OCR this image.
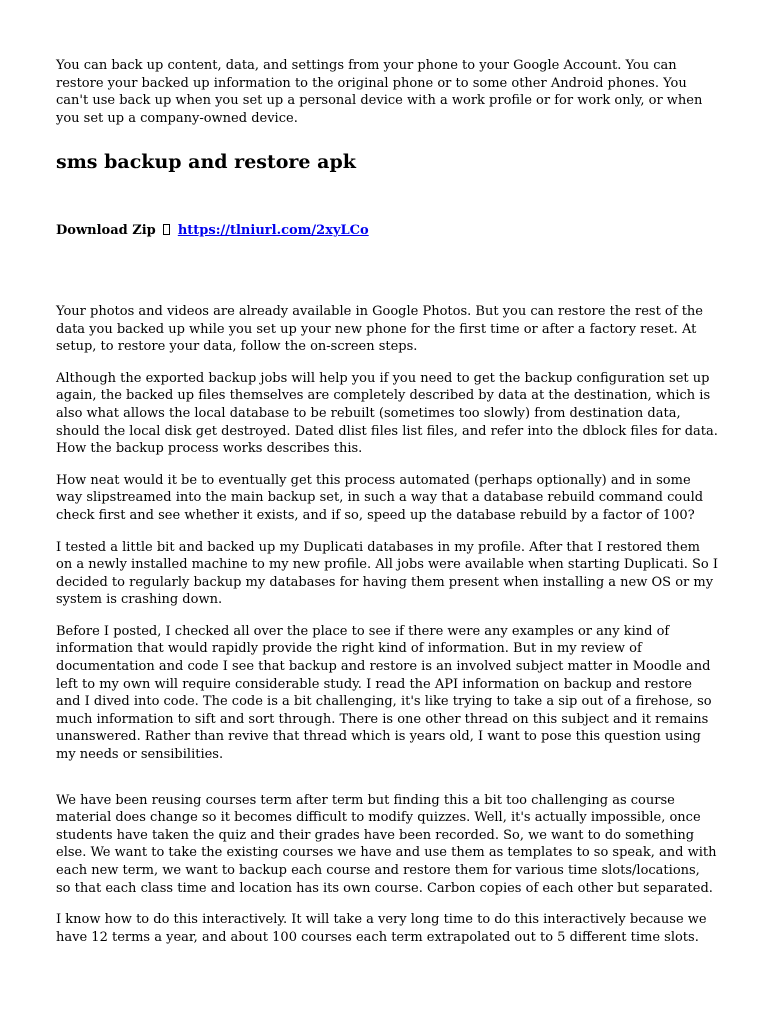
You can back up content, data, and settings from your phone to your Google Account. You can restore your backed up information to the original phone or to some other Android phones. You can't use back up when you set up a personal device with a work profile or for work only, or when you set up a company-owned device.

sms backup and restore apk
Download Zip https://tlniurl.com/2xyLCo

Your photos and videos are already available in Google Photos. But you can restore the rest of the data you backed up while you set up your new phone for the first time or after a factory reset. At setup, to restore your data, follow the on-screen steps.

Although the exported backup jobs will help you if you need to get the backup configuration set up again, the backed up files themselves are completely described by data at the destination, which is also what allows the local database to be rebuilt (sometimes too slowly) from destination data, should the local disk get destroyed. Dated dlist files list files, and refer into the dblock files for data. How the backup process works describes this.

How neat would it be to eventually get this process automated (perhaps optionally) and in some way slipstreamed into the main backup set, in such a way that a database rebuild command could check first and see whether it exists, and if so, speed up the database rebuild by a factor of 100?

I tested a little bit and backed up my Duplicati databases in my profile. After that I restored them on a newly installed machine to my new profile. All jobs were available when starting Duplicati. So I decided to regularly backup my databases for having them present when installing a new OS or my system is crashing down.

Before I posted, I checked all over the place to see if there were any examples or any kind of information that would rapidly provide the right kind of information. But in my review of documentation and code I see that backup and restore is an involved subject matter in Moodle and left to my own will require considerable study. I read the API information on backup and restore and I dived into code. The code is a bit challenging, it's like trying to take a sip out of a firehose, so much information to sift and sort through. There is one other thread on this subject and it remains unanswered. Rather than revive that thread which is years old, I want to pose this question using my needs or sensibilities.

We have been reusing courses term after term but finding this a bit too challenging as course material does change so it becomes difficult to modify quizzes. Well, it's actually impossible, once students have taken the quiz and their grades have been recorded. So, we want to do something else. We want to take the existing courses we have and use them as templates to so speak, and with each new term, we want to backup each course and restore them for various time slots/locations, so that each class time and location has its own course. Carbon copies of each other but separated.

I know how to do this interactively. It will take a very long time to do this interactively because we have 12 terms a year, and about 100 courses each term extrapolated out to 5 different time slots.
